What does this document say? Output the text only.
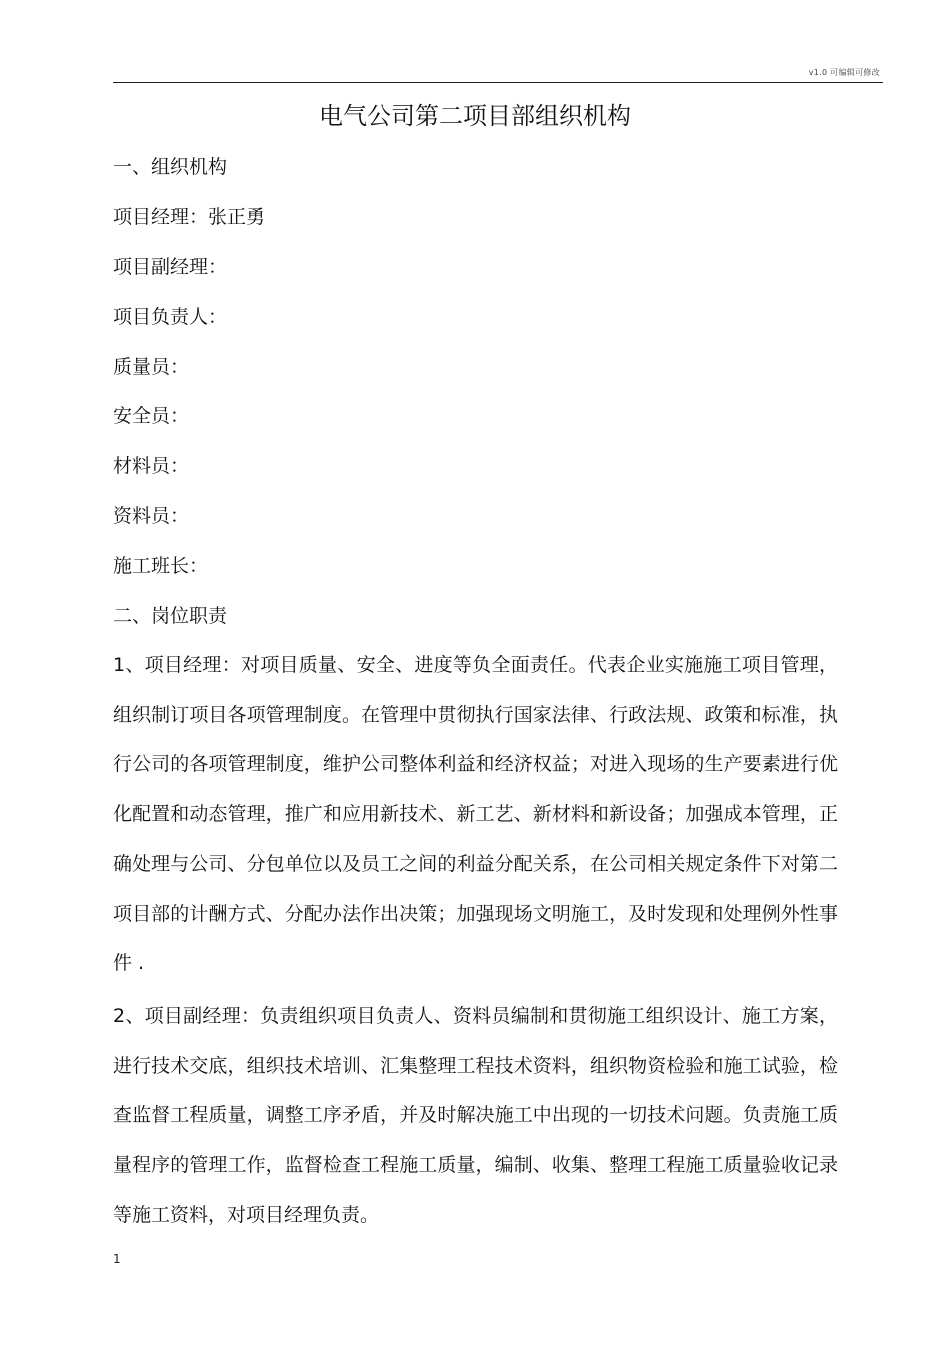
v1.0 可编辑可修改
电气公司第二项目部组织机构
一、组织机构
项目经理：张正勇
项目副经理：
项目负责人：
质量员：
安全员：
材料员：
资料员：
施工班长：
二、岗位职责

1、项目经理：对项目质量、安全、进度等负全面责任。代表企业实施施工项目管理，组织制订项目各项管理制度。在管理中贯彻执行国家法律、行政法规、政策和标准，执行公司的各项管理制度，维护公司整体利益和经济权益；对进入现场的生产要素进行优化配置和动态管理，推广和应用新技术、新工艺、新材料和新设备；加强成本管理，正确处理与公司、分包单位以及员工之间的利益分配关系，在公司相关规定条件下对第二项目部的计酬方式、分配办法作出决策；加强现场文明施工，及时发现和处理例外性事件 .

2、项目副经理：负责组织项目负责人、资料员编制和贯彻施工组织设计、施工方案，进行技术交底，组织技术培训、汇集整理工程技术资料，组织物资检验和施工试验，检查监督工程质量，调整工序矛盾，并及时解决施工中出现的一切技术问题。负责施工质量程序的管理工作，监督检查工程施工质量，编制、收集、整理工程施工质量验收记录等施工资料，对项目经理负责。

1
